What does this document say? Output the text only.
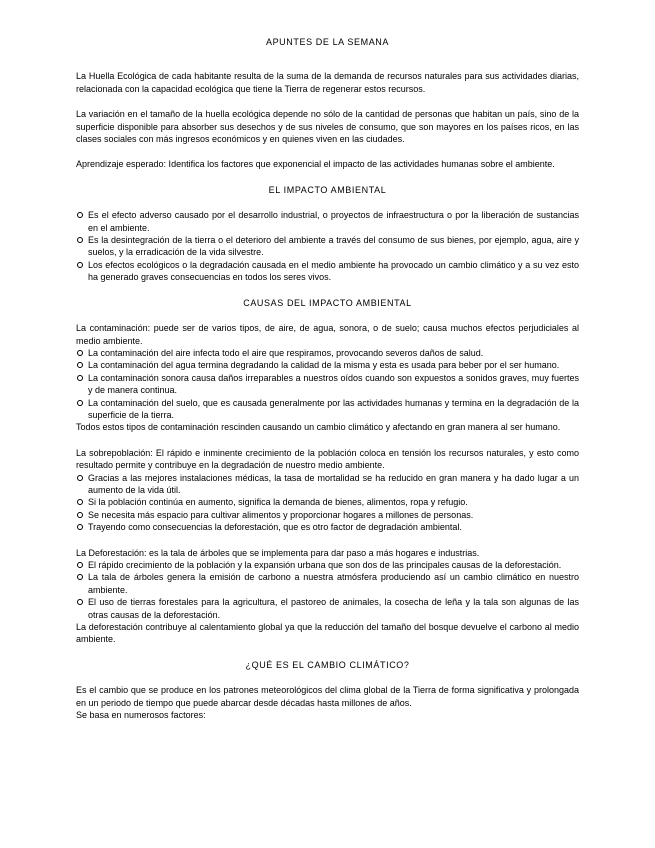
APUNTES DE LA SEMANA

La Huella Ecológica de cada habitante resulta de la suma de la demanda de recursos naturales para sus actividades diarias, relacionada con la capacidad ecológica que tiene la Tierra de regenerar estos recursos.

La variación en el tamaño de la huella ecológica depende no sólo de la cantidad de personas que habitan un país, sino de la superficie disponible para absorber sus desechos y de sus niveles de consumo, que son mayores en los países ricos, en las clases sociales con más ingresos económicos y en quienes viven en las ciudades.

Aprendizaje esperado: Identifica los factores que exponencial el impacto de las actividades humanas sobre el ambiente.

EL IMPACTO AMBIENTAL

Es el efecto adverso causado por el desarrollo industrial, o proyectos de infraestructura o por la liberación de sustancias en el ambiente.
Es la desintegración de la tierra o el deterioro del ambiente a través del consumo de sus bienes, por ejemplo, agua, aire y suelos, y la erradicación de la vida silvestre.
Los efectos ecológicos o la degradación causada en el medio ambiente ha provocado un cambio climático y a su vez esto ha generado graves consecuencias en todos los seres vivos.

CAUSAS DEL IMPACTO AMBIENTAL

La contaminación: puede ser de varios tipos, de aire, de agua, sonora, o de suelo; causa muchos efectos perjudiciales al medio ambiente.

La contaminación del aire infecta todo el aire que respiramos, provocando severos daños de salud.
La contaminación del agua termina degradando la calidad de la misma y esta es usada para beber por el ser humano.
La contaminación sonora causa daños irreparables a nuestros oídos cuando son expuestos a sonidos graves, muy fuertes y de manera continua.
La contaminación del suelo, que es causada generalmente por las actividades humanas y termina en la degradación de la superficie de la tierra.

Todos estos tipos de contaminación rescinden causando un cambio climático y afectando en gran manera al ser humano.

La sobrepoblación: El rápido e inminente crecimiento de la población coloca en tensión los recursos naturales, y esto como resultado permite y contribuye en la degradación de nuestro medio ambiente.

Gracias a las mejores instalaciones médicas, la tasa de mortalidad se ha reducido en gran manera y ha dado lugar a un aumento de la vida útil.
Si la población continúa en aumento, significa la demanda de bienes, alimentos, ropa y refugio.
Se necesita más espacio para cultivar alimentos y proporcionar hogares a millones de personas.
Trayendo como consecuencias la deforestación, que es otro factor de degradación ambiental.

La Deforestación: es la tala de árboles que se implementa para dar paso a más hogares e industrias.

El rápido crecimiento de la población y la expansión urbana que son dos de las principales causas de la deforestación.
La tala de árboles genera la emisión de carbono a nuestra atmósfera produciendo así un cambio climático en nuestro ambiente.
El uso de tierras forestales para la agricultura, el pastoreo de animales, la cosecha de leña y la tala son algunas de las otras causas de la deforestación.

La deforestación contribuye al calentamiento global ya que la reducción del tamaño del bosque devuelve el carbono al medio ambiente.

¿QUÉ ES EL CAMBIO CLIMÁTICO?

Es el cambio que se produce en los patrones meteorológicos del clima global de la Tierra de forma significativa y prolongada en un periodo de tiempo que puede abarcar desde décadas hasta millones de años.

Se basa en numerosos factores:
